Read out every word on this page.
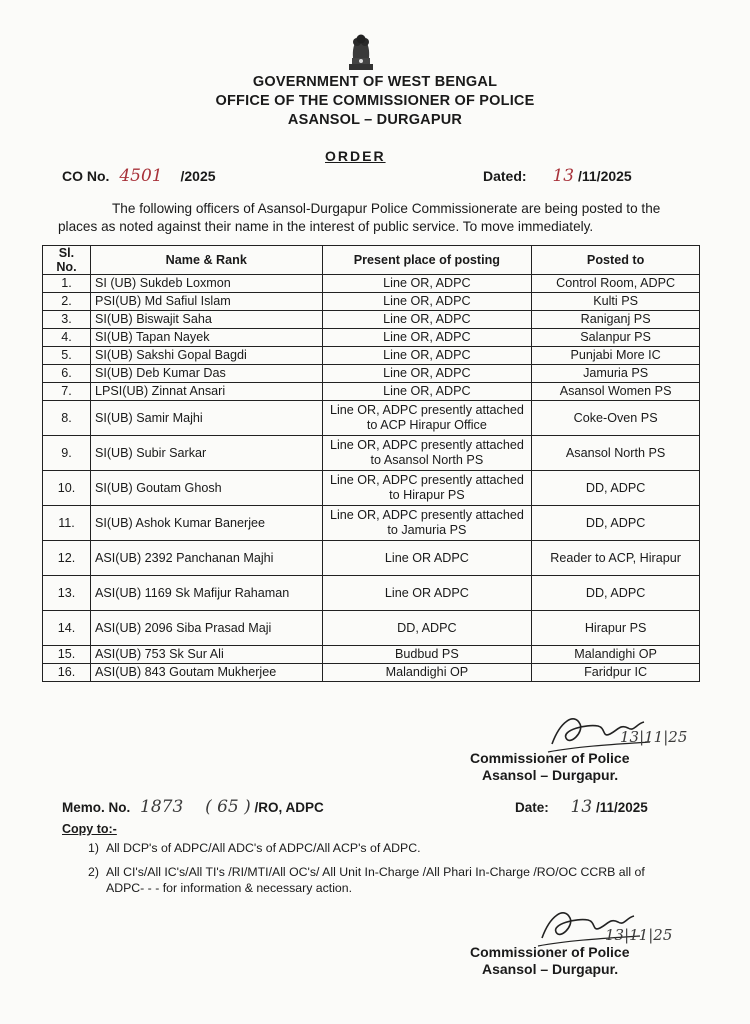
GOVERNMENT OF WEST BENGAL
OFFICE OF THE COMMISSIONER OF POLICE
ASANSOL – DURGAPUR
ORDER
CO No. 4501 /2025	Dated: 13 /11/2025
The following officers of Asansol-Durgapur Police Commissionerate are being posted to the places as noted against their name in the interest of public service. To move immediately.
Sl. No.	Name & Rank	Present place of posting	Posted to
1.	SI (UB) Sukdeb Loxmon	Line OR, ADPC	Control Room, ADPC
2.	PSI(UB) Md Safiul Islam	Line OR, ADPC	Kulti PS
3.	SI(UB) Biswajit Saha	Line OR, ADPC	Raniganj PS
4.	SI(UB) Tapan Nayek	Line OR, ADPC	Salanpur PS
5.	SI(UB) Sakshi Gopal Bagdi	Line OR, ADPC	Punjabi More IC
6.	SI(UB) Deb Kumar Das	Line OR, ADPC	Jamuria PS
7.	LPSI(UB) Zinnat Ansari	Line OR, ADPC	Asansol Women PS
8.	SI(UB) Samir Majhi	Line OR, ADPC presently attached to ACP Hirapur Office	Coke-Oven PS
9.	SI(UB) Subir Sarkar	Line OR, ADPC presently attached to Asansol North PS	Asansol North PS
10.	SI(UB) Goutam Ghosh	Line OR, ADPC presently attached to Hirapur PS	DD, ADPC
11.	SI(UB) Ashok Kumar Banerjee	Line OR, ADPC presently attached to Jamuria PS	DD, ADPC
12.	ASI(UB) 2392 Panchanan Majhi	Line OR ADPC	Reader to ACP, Hirapur
13.	ASI(UB) 1169 Sk Mafijur Rahaman	Line OR ADPC	DD, ADPC
14.	ASI(UB) 2096 Siba Prasad Maji	DD, ADPC	Hirapur PS
15.	ASI(UB) 753 Sk Sur Ali	Budbud PS	Malandighi OP
16.	ASI(UB) 843 Goutam Mukherjee	Malandighi OP	Faridpur IC
13|11|25
Commissioner of Police
Asansol – Durgapur.
Memo. No. 1873 ( 65 ) /RO, ADPC	Date: 13 /11/2025
Copy to:-
1) All DCP's of ADPC/All ADC's of ADPC/All ACP's of ADPC.
2) All CI's/All IC's/All TI's /RI/MTI/All OC's/ All Unit In-Charge /All Phari In-Charge /RO/OC CCRB all of ADPC- - - for information & necessary action.
13|11|25
Commissioner of Police
Asansol – Durgapur.
